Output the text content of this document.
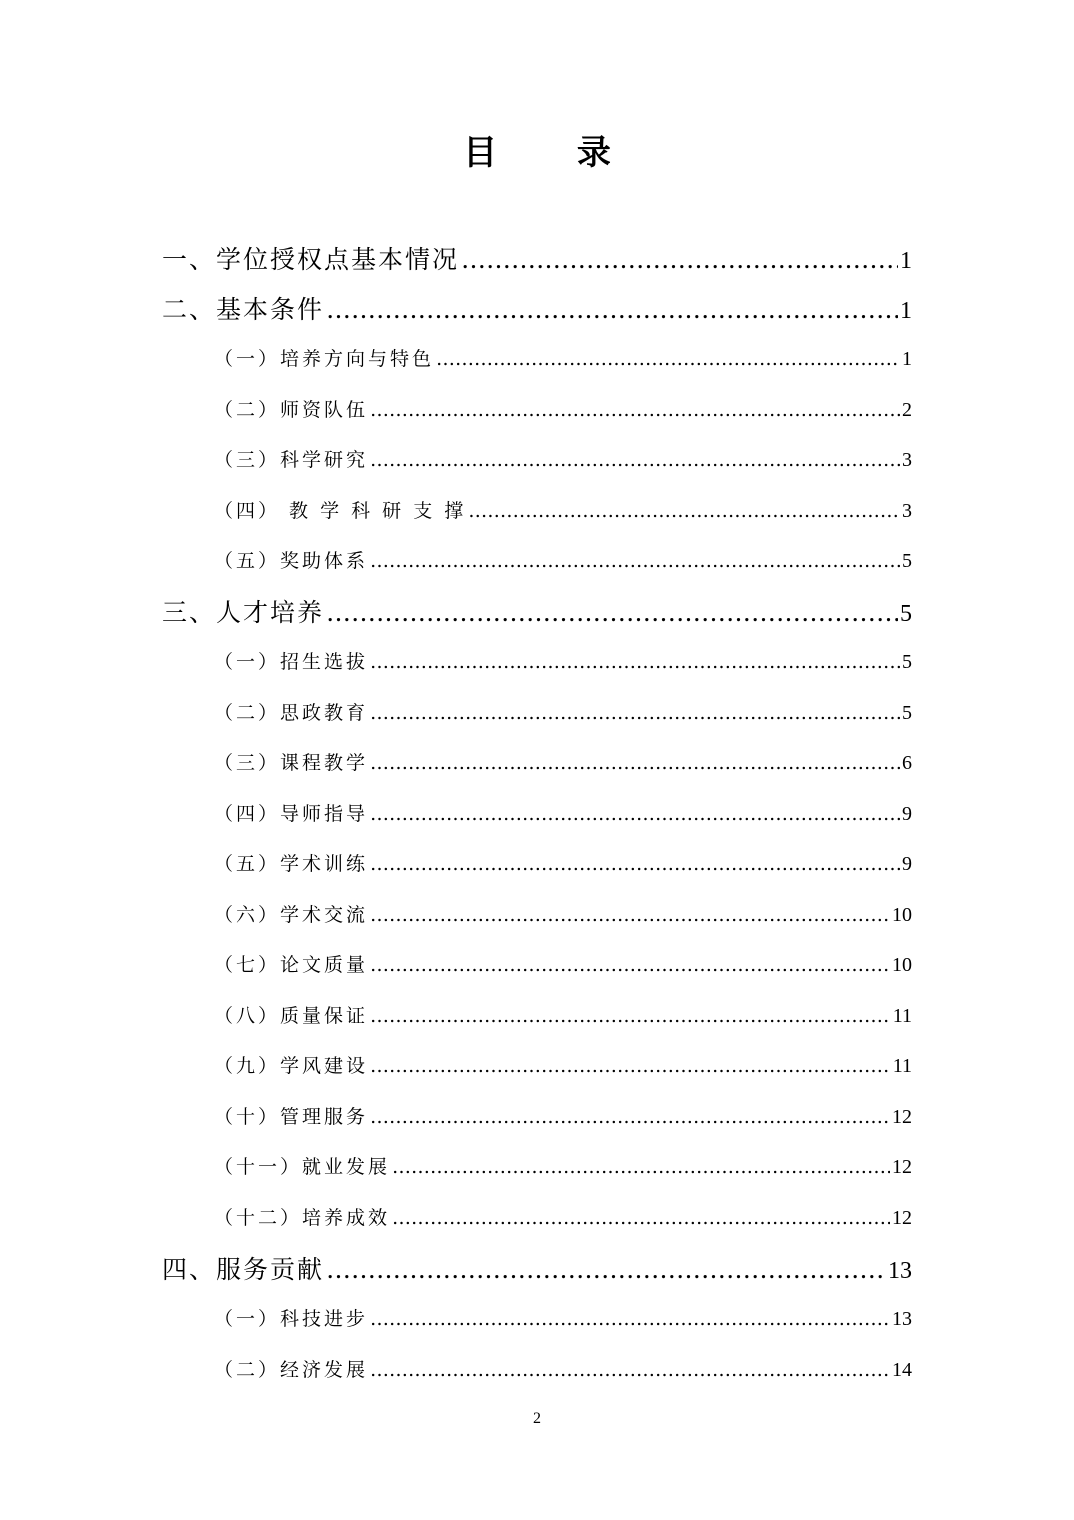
目 录
一、学位授权点基本情况 …………………………………………………………………………………………………………………………………………………………………………………………………………………………………………	1
二、基本条件 …………………………………………………………………………………………………………………………………………………………………………………………………………………………………………	1
（一）培养方向与特色 …………………………………………………………………………………………………………………………………………………………………………………………………………………………………………	1
（二）师资队伍 …………………………………………………………………………………………………………………………………………………………………………………………………………………………………………	2
（三）科学研究 …………………………………………………………………………………………………………………………………………………………………………………………………………………………………………	3
（四） 教 学 科 研 支 撑 …………………………………………………………………………………………………………………………………………………………………………………………………………………………………………	3
（五）奖助体系 …………………………………………………………………………………………………………………………………………………………………………………………………………………………………………	5
三、人才培养 …………………………………………………………………………………………………………………………………………………………………………………………………………………………………………	5
（一）招生选拔 …………………………………………………………………………………………………………………………………………………………………………………………………………………………………………	5
（二）思政教育 …………………………………………………………………………………………………………………………………………………………………………………………………………………………………………	5
（三）课程教学 …………………………………………………………………………………………………………………………………………………………………………………………………………………………………………	6
（四）导师指导 …………………………………………………………………………………………………………………………………………………………………………………………………………………………………………	9
（五）学术训练 …………………………………………………………………………………………………………………………………………………………………………………………………………………………………………	9
（六）学术交流 …………………………………………………………………………………………………………………………………………………………………………………………………………………………………………	10
（七）论文质量 …………………………………………………………………………………………………………………………………………………………………………………………………………………………………………	10
（八）质量保证 …………………………………………………………………………………………………………………………………………………………………………………………………………………………………………	11
（九）学风建设 …………………………………………………………………………………………………………………………………………………………………………………………………………………………………………	11
（十）管理服务 …………………………………………………………………………………………………………………………………………………………………………………………………………………………………………	12
（十一）就业发展 …………………………………………………………………………………………………………………………………………………………………………………………………………………………………………	12
（十二）培养成效 …………………………………………………………………………………………………………………………………………………………………………………………………………………………………………	12
四、服务贡献 …………………………………………………………………………………………………………………………………………………………………………………………………………………………………………	13
（一）科技进步 …………………………………………………………………………………………………………………………………………………………………………………………………………………………………………	13
（二）经济发展 …………………………………………………………………………………………………………………………………………………………………………………………………………………………………………	14
2
